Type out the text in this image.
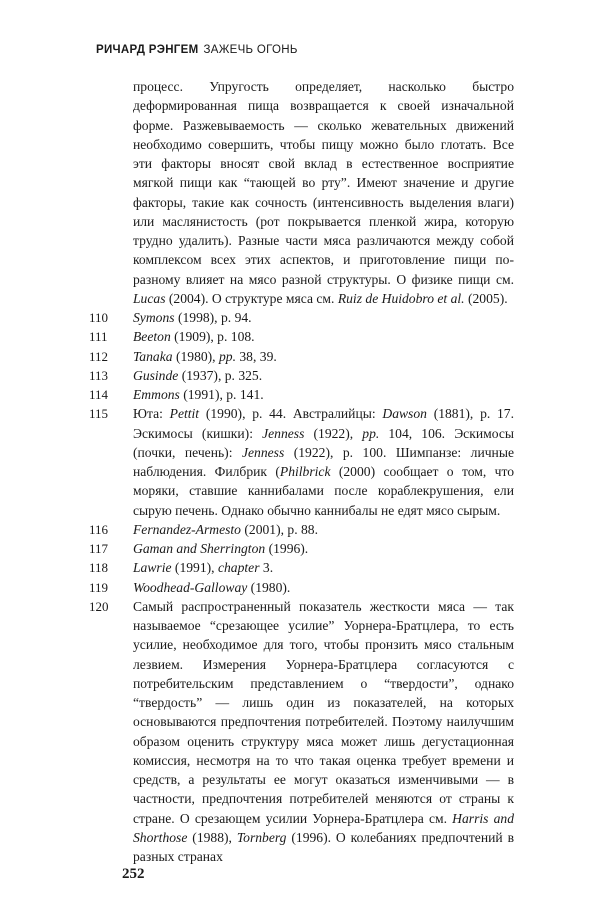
РИЧАРД РЭНГЕМ ЗАЖЕЧЬ ОГОНЬ

процесс. Упругость определяет, насколько быстро деформированная пища возвращается к своей изначальной форме. Разжевываемость — сколько жевательных движений необходимо совершить, чтобы пищу можно было глотать. Все эти факторы вносят свой вклад в естественное восприятие мягкой пищи как “тающей во рту”. Имеют значение и другие факторы, такие как сочность (интенсивность выделения влаги) или маслянистость (рот покрывается пленкой жира, которую трудно удалить). Разные части мяса различаются между собой комплексом всех этих аспектов, и приготовление пищи по-разному влияет на мясо разной структуры. О физике пищи см. Lucas (2004). О структуре мяса см. Ruiz de Huidobro et al. (2005).

110 Symons (1998), p. 94.

111 Beeton (1909), p. 108.

112 Tanaka (1980), pp. 38, 39.

113 Gusinde (1937), p. 325.

114 Emmons (1991), p. 141.

115 Юта: Pettit (1990), p. 44. Австралийцы: Dawson (1881), p. 17. Эскимосы (кишки): Jenness (1922), pp. 104, 106. Эскимосы (почки, печень): Jenness (1922), p. 100. Шимпанзе: личные наблюдения. Филбрик (Philbrick (2000) сообщает о том, что моряки, ставшие каннибалами после кораблекрушения, ели сырую печень. Однако обычно каннибалы не едят мясо сырым.

116 Fernandez-Armesto (2001), p. 88.

117 Gaman and Sherrington (1996).

118 Lawrie (1991), chapter 3.

119 Woodhead-Galloway (1980).

120 Самый распространенный показатель жесткости мяса — так называемое “срезающее усилие” Уорнера-Братцлера, то есть усилие, необходимое для того, чтобы пронзить мясо стальным лезвием. Измерения Уорнера-Братцлера согласуются с потребительским представлением о “твердости”, однако “твердость” — лишь один из показателей, на которых основываются предпочтения потребителей. Поэтому наилучшим образом оценить структуру мяса может лишь дегустационная комиссия, несмотря на то что такая оценка требует времени и средств, а результаты ее могут оказаться изменчивыми — в частности, предпочтения потребителей меняются от страны к стране. О срезающем усилии Уорнера-Братцлера см. Harris and Shorthose (1988), Tornberg (1996). О колебаниях предпочтений в разных странах

252
